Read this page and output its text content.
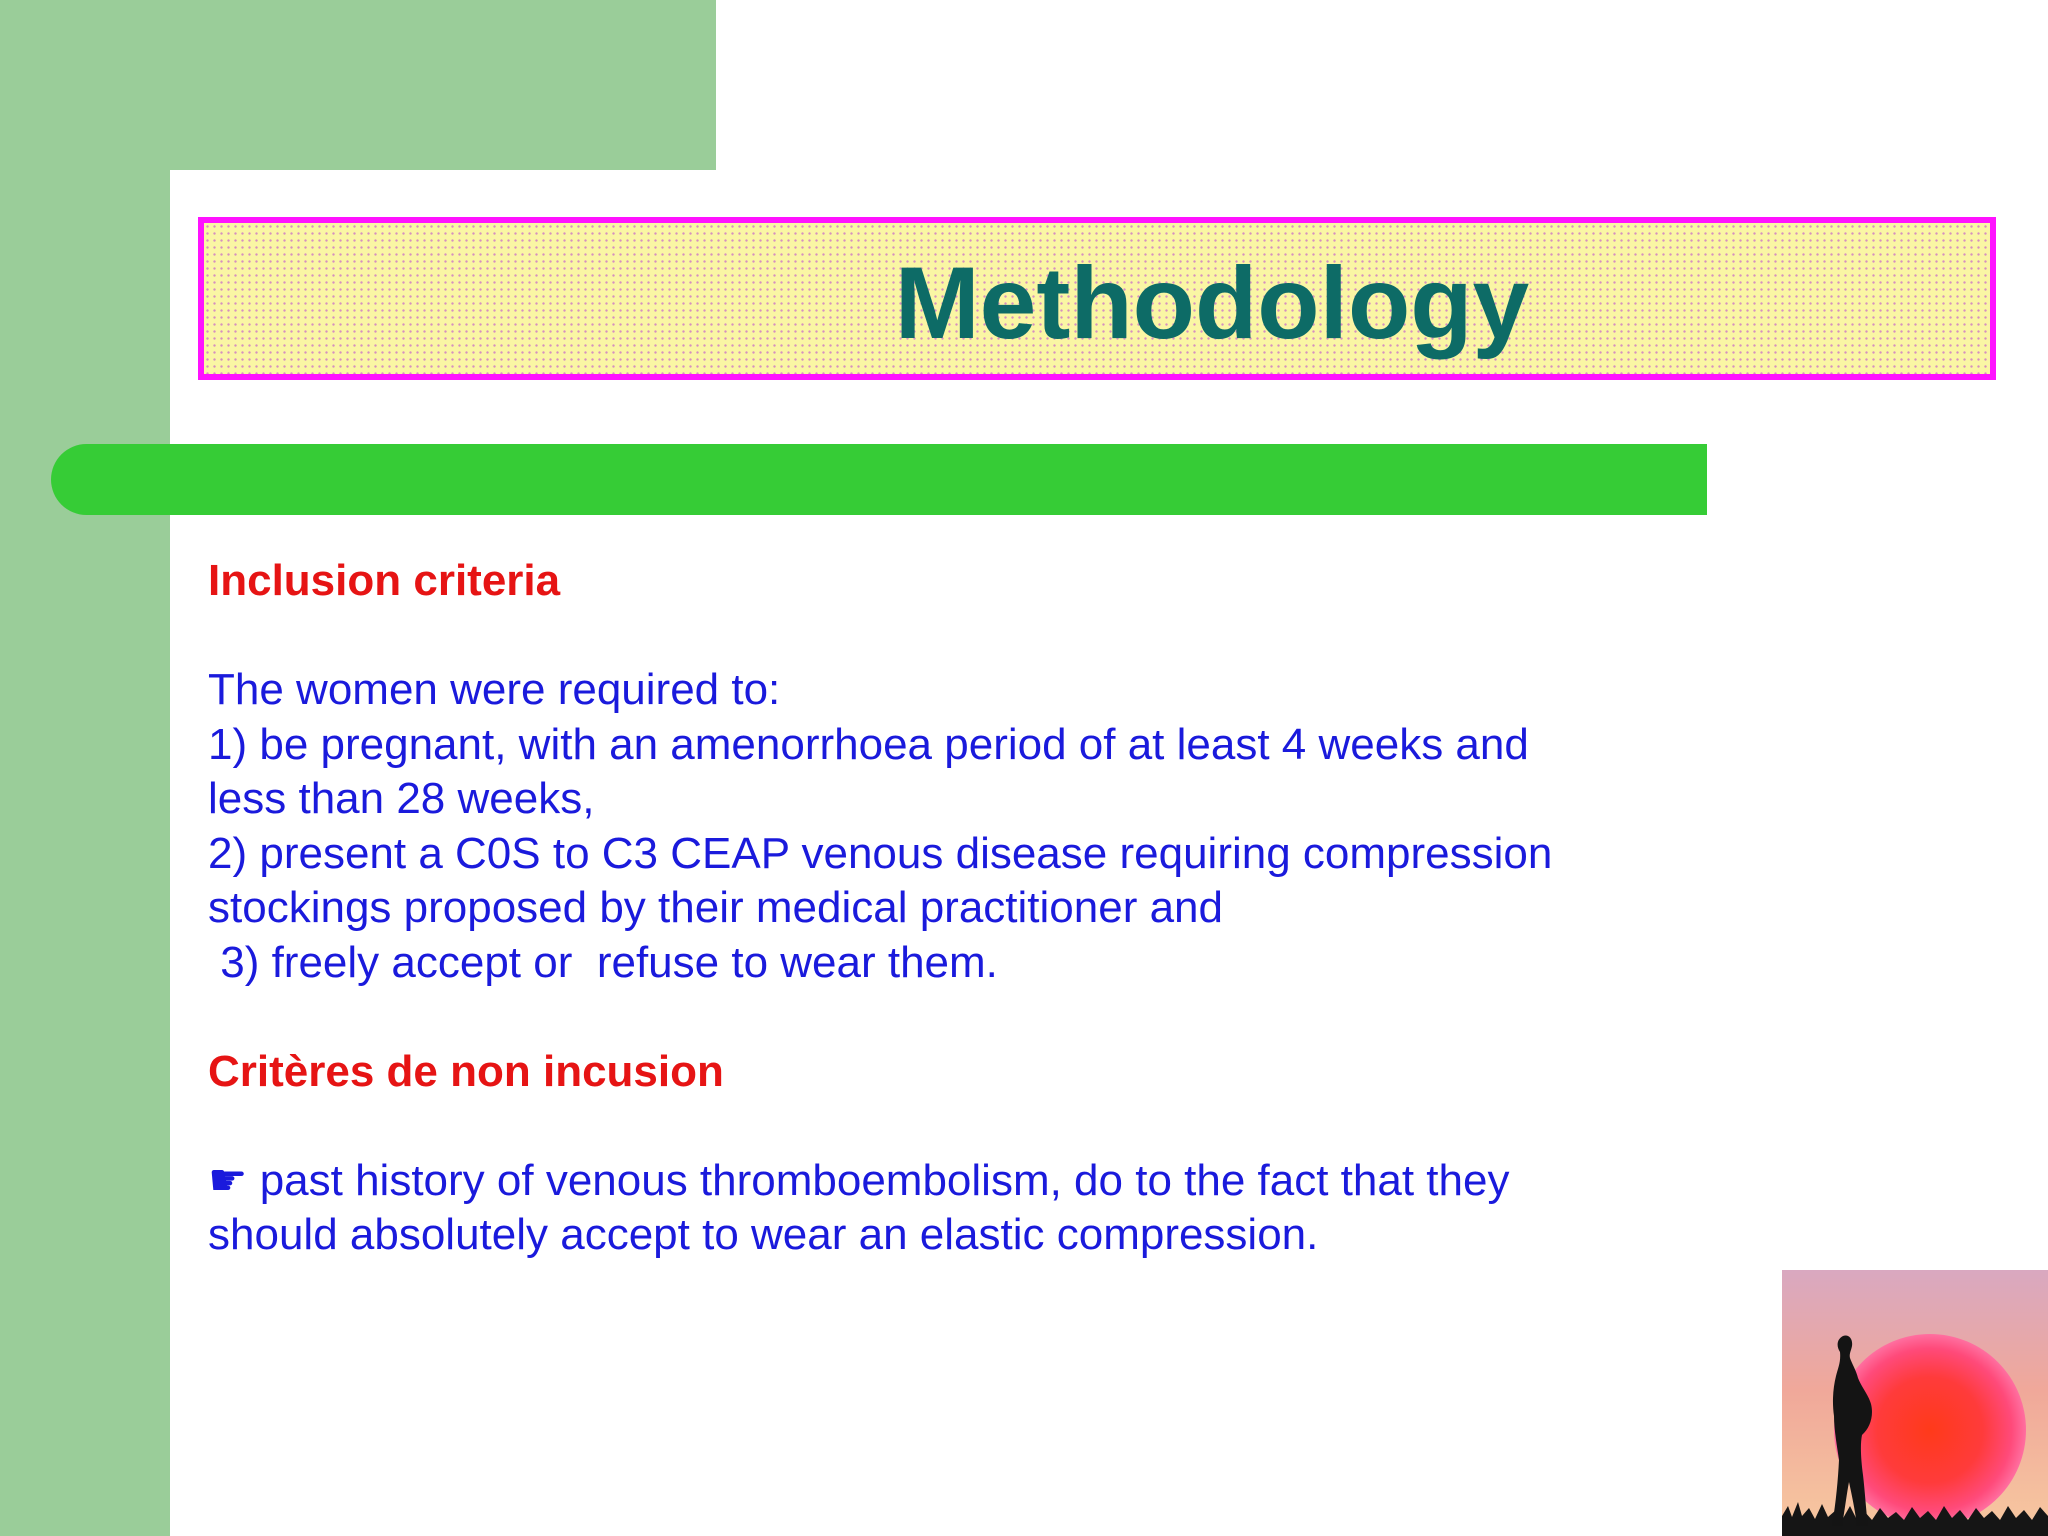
Methodology
Inclusion criteria
The women were required to:
1) be pregnant, with an amenorrhoea period of at least 4 weeks and
less than 28 weeks,
2) present a C0S to C3 CEAP venous disease requiring compression
stockings proposed by their medical practitioner and
3) freely accept or  refuse to wear them.
Critères de non incusion
☛ past history of venous thromboembolism, do to the fact that they
should absolutely accept to wear an elastic compression.
